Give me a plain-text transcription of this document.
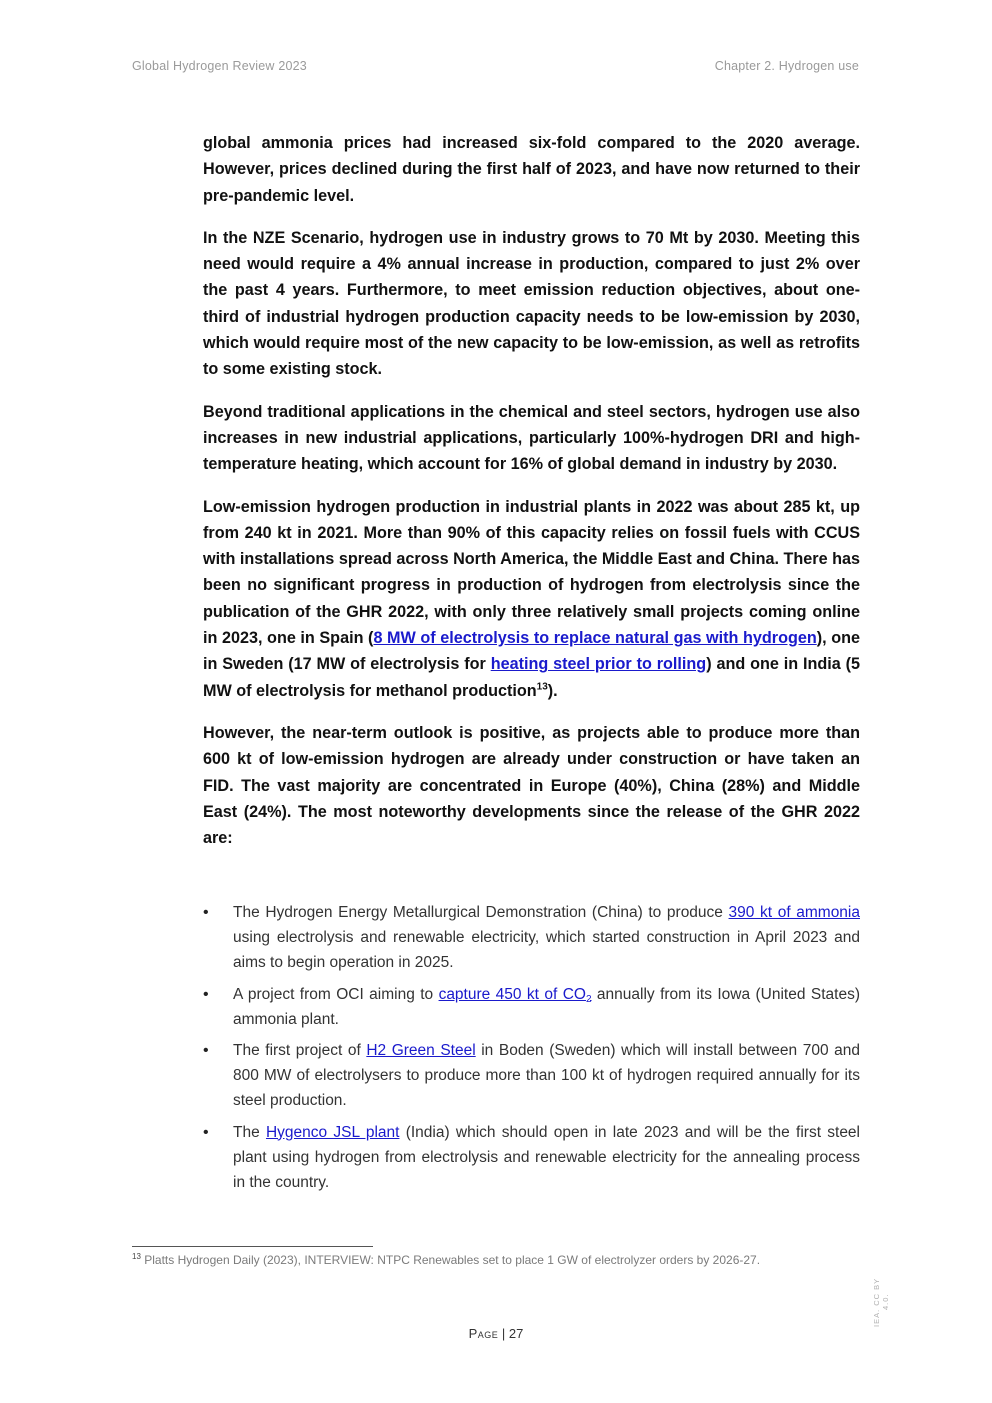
Global Hydrogen Review 2023	Chapter 2. Hydrogen use

global ammonia prices had increased six-fold compared to the 2020 average. However, prices declined during the first half of 2023, and have now returned to their pre-pandemic level.

In the NZE Scenario, hydrogen use in industry grows to 70 Mt by 2030. Meeting this need would require a 4% annual increase in production, compared to just 2% over the past 4 years. Furthermore, to meet emission reduction objectives, about one-third of industrial hydrogen production capacity needs to be low-emission by 2030, which would require most of the new capacity to be low-emission, as well as retrofits to some existing stock.

Beyond traditional applications in the chemical and steel sectors, hydrogen use also increases in new industrial applications, particularly 100%-hydrogen DRI and high-temperature heating, which account for 16% of global demand in industry by 2030.

Low-emission hydrogen production in industrial plants in 2022 was about 285 kt, up from 240 kt in 2021. More than 90% of this capacity relies on fossil fuels with CCUS with installations spread across North America, the Middle East and China. There has been no significant progress in production of hydrogen from electrolysis since the publication of the GHR 2022, with only three relatively small projects coming online in 2023, one in Spain (8 MW of electrolysis to replace natural gas with hydrogen), one in Sweden (17 MW of electrolysis for heating steel prior to rolling) and one in India (5 MW of electrolysis for methanol production$^{13}$).

However, the near-term outlook is positive, as projects able to produce more than 600 kt of low-emission hydrogen are already under construction or have taken an FID. The vast majority are concentrated in Europe (40%), China (28%) and Middle East (24%). The most noteworthy developments since the release of the GHR 2022 are:

• The Hydrogen Energy Metallurgical Demonstration (China) to produce 390 kt of ammonia using electrolysis and renewable electricity, which started construction in April 2023 and aims to begin operation in 2025.
• A project from OCI aiming to capture 450 kt of CO2 annually from its Iowa (United States) ammonia plant.
• The first project of H2 Green Steel in Boden (Sweden) which will install between 700 and 800 MW of electrolysers to produce more than 100 kt of hydrogen required annually for its steel production.
• The Hygenco JSL plant (India) which should open in late 2023 and will be the first steel plant using hydrogen from electrolysis and renewable electricity for the annealing process in the country.
$^{13}$ Platts Hydrogen Daily (2023), INTERVIEW: NTPC Renewables set to place 1 GW of electrolyzer orders by 2026-27.
IEA. CC BY 4.0.
Page | 27
